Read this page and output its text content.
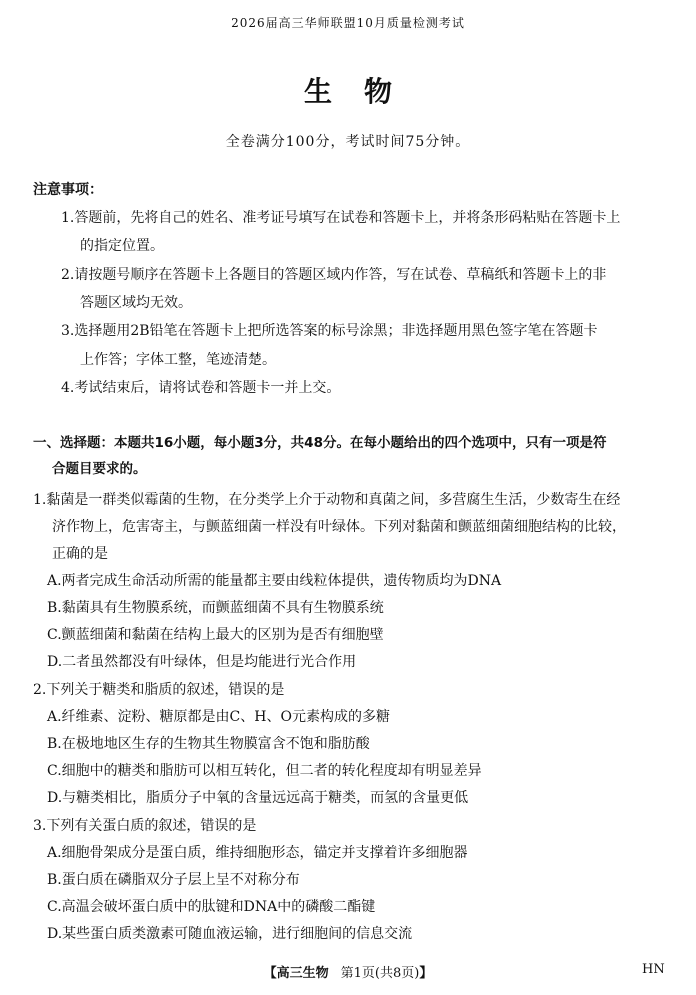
2026届高三华师联盟10月质量检测考试
生物
全卷满分100分，考试时间75分钟。
注意事项：
1.答题前，先将自己的姓名、准考证号填写在试卷和答题卡上，并将条形码粘贴在答题卡上
的指定位置。
2.请按题号顺序在答题卡上各题目的答题区域内作答，写在试卷、草稿纸和答题卡上的非
答题区域均无效。
3.选择题用2B铅笔在答题卡上把所选答案的标号涂黑；非选择题用黑色签字笔在答题卡
上作答；字体工整，笔迹清楚。
4.考试结束后，请将试卷和答题卡一并上交。
一、选择题：本题共16小题，每小题3分，共48分。在每小题给出的四个选项中，只有一项是符
合题目要求的。
1.黏菌是一群类似霉菌的生物，在分类学上介于动物和真菌之间，多营腐生生活，少数寄生在经
济作物上，危害寄主，与颤蓝细菌一样没有叶绿体。下列对黏菌和颤蓝细菌细胞结构的比较，
正确的是
A.两者完成生命活动所需的能量都主要由线粒体提供，遗传物质均为DNA
B.黏菌具有生物膜系统，而颤蓝细菌不具有生物膜系统
C.颤蓝细菌和黏菌在结构上最大的区别为是否有细胞壁
D.二者虽然都没有叶绿体，但是均能进行光合作用
2.下列关于糖类和脂质的叙述，错误的是
A.纤维素、淀粉、糖原都是由C、H、O元素构成的多糖
B.在极地地区生存的生物其生物膜富含不饱和脂肪酸
C.细胞中的糖类和脂肪可以相互转化，但二者的转化程度却有明显差异
D.与糖类相比，脂质分子中氧的含量远远高于糖类，而氢的含量更低
3.下列有关蛋白质的叙述，错误的是
A.细胞骨架成分是蛋白质，维持细胞形态，锚定并支撑着许多细胞器
B.蛋白质在磷脂双分子层上呈不对称分布
C.高温会破坏蛋白质中的肽键和DNA中的磷酸二酯键
D.某些蛋白质类激素可随血液运输，进行细胞间的信息交流
【高三生物 第1页(共8页)】	HN
